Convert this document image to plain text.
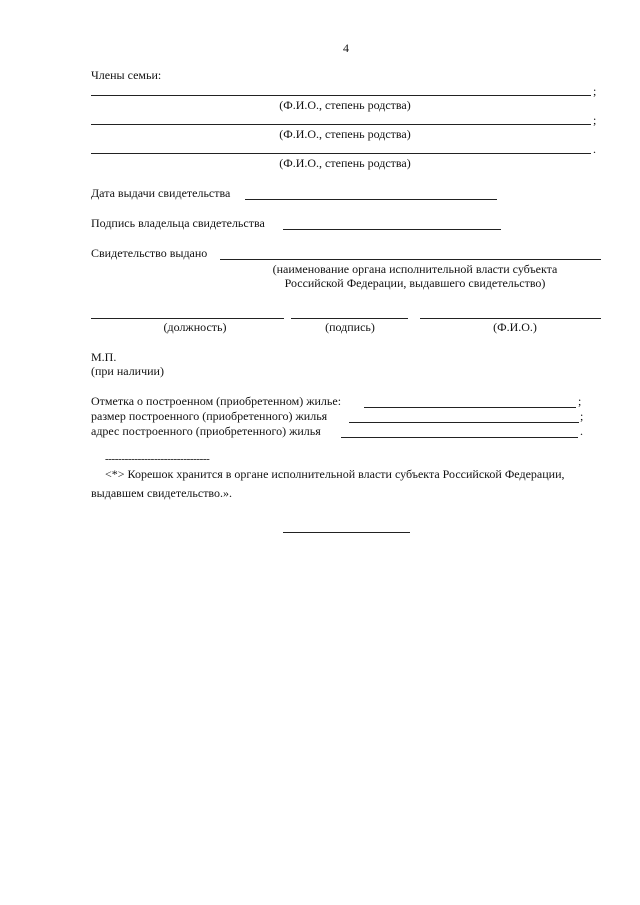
4
Члены семьи:
;
(Ф.И.О., степень родства)
;
(Ф.И.О., степень родства)
.
(Ф.И.О., степень родства)
Дата выдачи свидетельства
Подпись владельца свидетельства
Свидетельство выдано
(наименование органа исполнительной власти субъекта
Российской Федерации, выдавшего свидетельство)
(должность)	(подпись)	(Ф.И.О.)
М.П.
(при наличии)
Отметка о построенном (приобретенном) жилье:	;
размер построенного (приобретенного) жилья	;
адрес построенного (приобретенного) жилья	.
--------------------------------
<*> Корешок хранится в органе исполнительной власти субъекта Российской Федерации,
выдавшем свидетельство.».
